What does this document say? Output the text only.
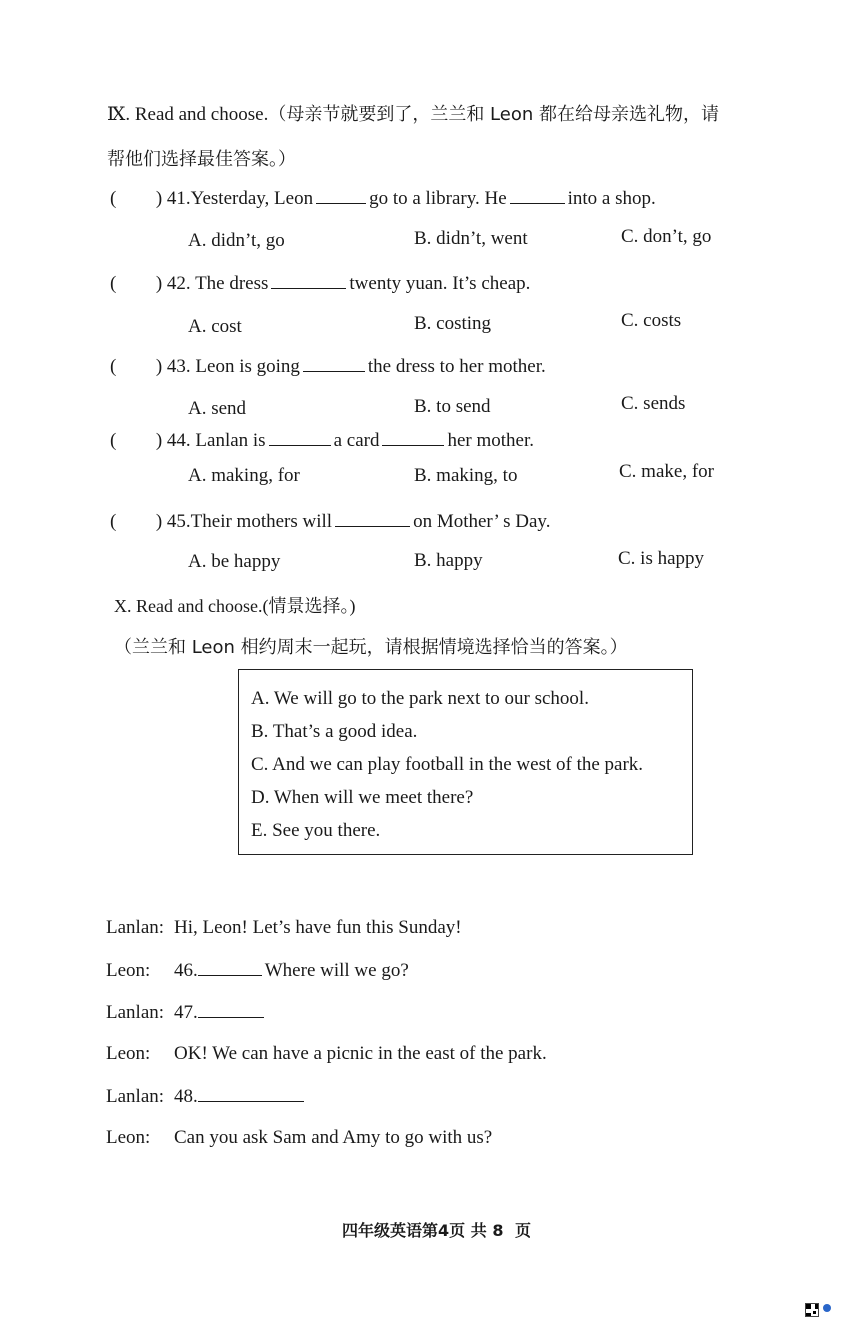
Ⅸ. Read and choose.（母亲节就要到了，兰兰和 Leon 都在给母亲选礼物，请
帮他们选择最佳答案。）
( ) 41.Yesterday, Leon	go to a library. He	into a shop.
A. didn’t, go	B. didn’t, went	C. don’t, go
( ) 42. The dress	twenty yuan. It’s cheap.
A. cost	B. costing	C. costs
( ) 43. Leon is going	the dress to her mother.
A. send	B. to send	C. sends
( ) 44. Lanlan is	a card	her mother.
A. making, for	B. making, to	C. make, for
( ) 45.Their mothers will	on Mother’ s Day.
A. be happy	B. happy	C. is happy
X. Read and choose.(情景选择。)
（兰兰和 Leon 相约周末一起玩，请根据情境选择恰当的答案。）
A. We will go to the park next to our school.
B. That’s a good idea.
C. And we can play football in the west of the park.
D. When will we meet there?
E. See you there.
Lanlan: Hi, Leon! Let’s have fun this Sunday!
Leon: 46.	Where will we go?
Lanlan: 47.
Leon: OK! We can have a picnic in the east of the park.
Lanlan: 48.
Leon: Can you ask Sam and Amy to go with us?
四年级英语第4页 共 8 页
